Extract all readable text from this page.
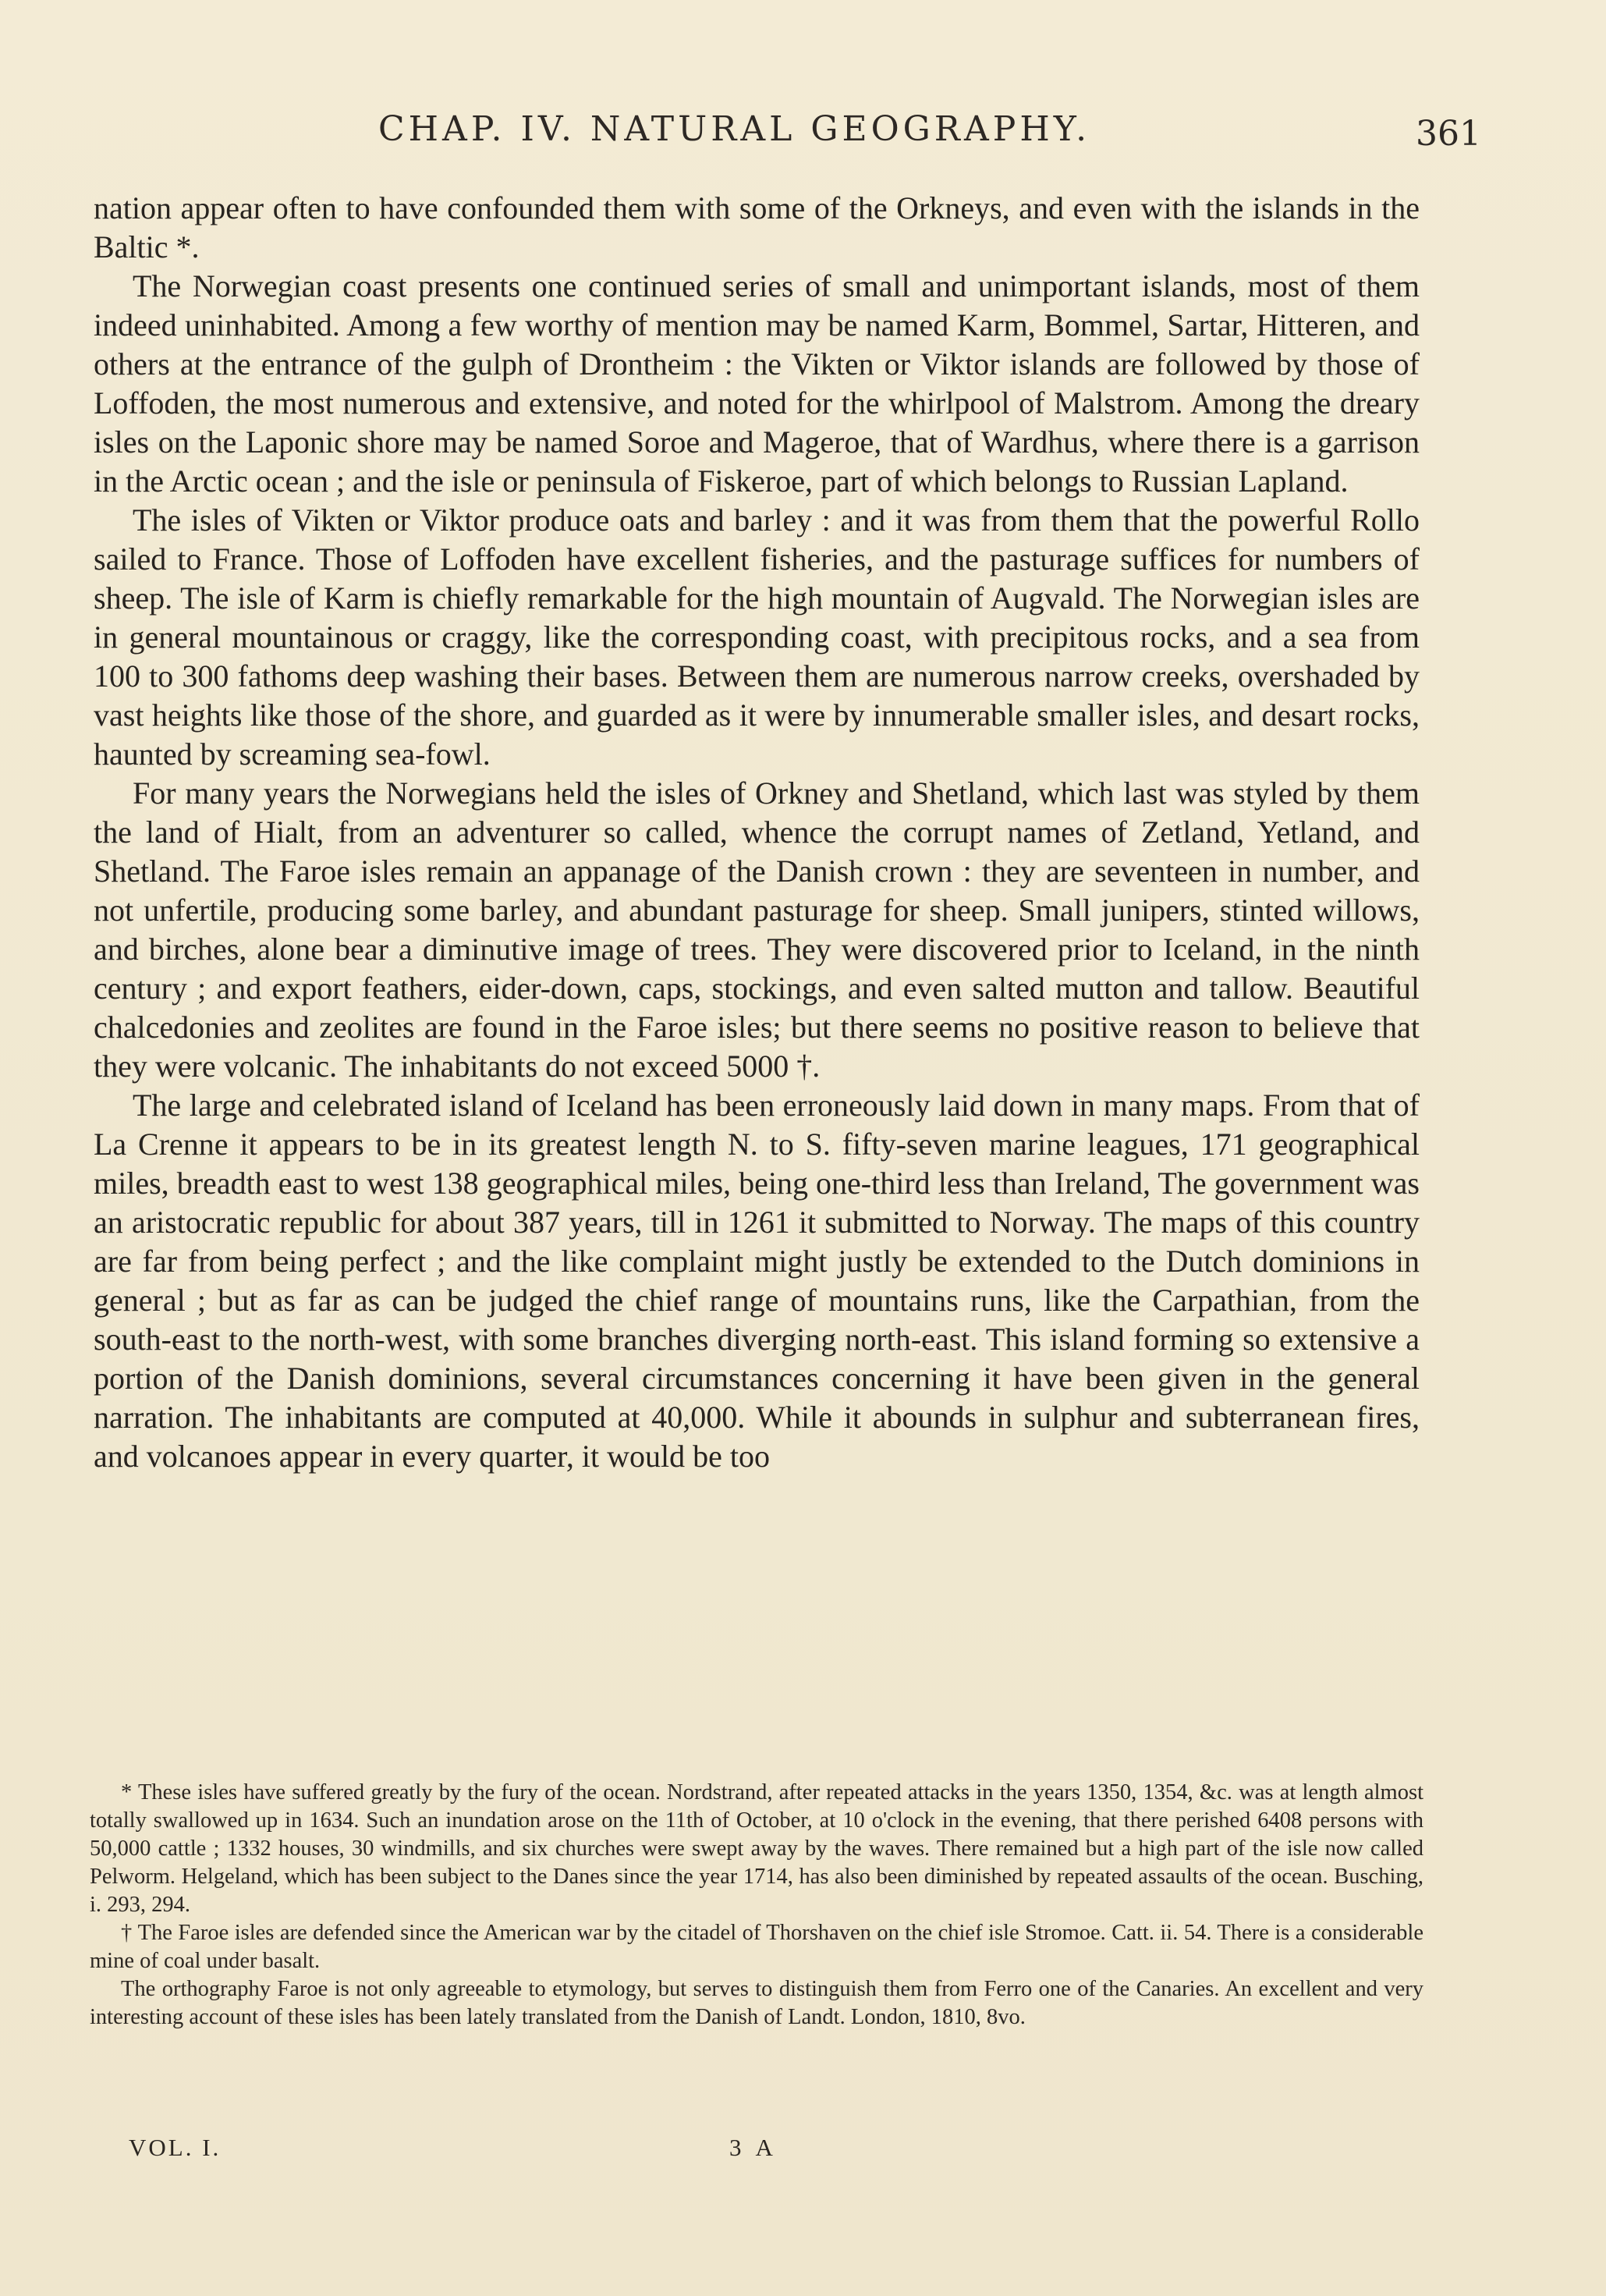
CHAP. IV. NATURAL GEOGRAPHY.	361

nation appear often to have confounded them with some of the Orkneys, and even with the islands in the Baltic *.

The Norwegian coast presents one continued series of small and unimportant islands, most of them indeed uninhabited. Among a few worthy of mention may be named Karm, Bommel, Sartar, Hitteren, and others at the entrance of the gulph of Drontheim : the Vikten or Viktor islands are followed by those of Loffoden, the most numerous and extensive, and noted for the whirlpool of Malstrom. Among the dreary isles on the Laponic shore may be named Soroe and Mageroe, that of Wardhus, where there is a garrison in the Arctic ocean ; and the isle or peninsula of Fiskeroe, part of which belongs to Russian Lapland.

The isles of Vikten or Viktor produce oats and barley : and it was from them that the powerful Rollo sailed to France. Those of Loffoden have excellent fisheries, and the pasturage suffices for numbers of sheep. The isle of Karm is chiefly remarkable for the high mountain of Augvald. The Norwegian isles are in general mountainous or craggy, like the corresponding coast, with precipitous rocks, and a sea from 100 to 300 fathoms deep washing their bases. Between them are numerous narrow creeks, overshaded by vast heights like those of the shore, and guarded as it were by innumerable smaller isles, and desart rocks, haunted by screaming sea-fowl.

For many years the Norwegians held the isles of Orkney and Shetland, which last was styled by them the land of Hialt, from an adventurer so called, whence the corrupt names of Zetland, Yetland, and Shetland. The Faroe isles remain an appanage of the Danish crown : they are seventeen in number, and not unfertile, producing some barley, and abundant pasturage for sheep. Small junipers, stinted willows, and birches, alone bear a diminutive image of trees. They were discovered prior to Iceland, in the ninth century ; and export feathers, eider-down, caps, stockings, and even salted mutton and tallow. Beautiful chalcedonies and zeolites are found in the Faroe isles; but there seems no positive reason to believe that they were volcanic. The inhabitants do not exceed 5000 †.

The large and celebrated island of Iceland has been erroneously laid down in many maps. From that of La Crenne it appears to be in its greatest length N. to S. fifty-seven marine leagues, 171 geographical miles, breadth east to west 138 geographical miles, being one-third less than Ireland, The government was an aristocratic republic for about 387 years, till in 1261 it submitted to Norway. The maps of this country are far from being perfect ; and the like complaint might justly be extended to the Dutch dominions in general ; but as far as can be judged the chief range of mountains runs, like the Carpathian, from the south-east to the north-west, with some branches diverging north-east. This island forming so extensive a portion of the Danish dominions, several circumstances concerning it have been given in the general narration. The inhabitants are computed at 40,000. While it abounds in sulphur and subterranean fires, and volcanoes appear in every quarter, it would be too

* These isles have suffered greatly by the fury of the ocean. Nordstrand, after repeated attacks in the years 1350, 1354, &c. was at length almost totally swallowed up in 1634. Such an inundation arose on the 11th of October, at 10 o'clock in the evening, that there perished 6408 persons with 50,000 cattle ; 1332 houses, 30 windmills, and six churches were swept away by the waves. There remained but a high part of the isle now called Pelworm. Helgeland, which has been subject to the Danes since the year 1714, has also been diminished by repeated assaults of the ocean. Busching, i. 293, 294.

† The Faroe isles are defended since the American war by the citadel of Thorshaven on the chief isle Stromoe. Catt. ii. 54. There is a considerable mine of coal under basalt.

The orthography Faroe is not only agreeable to etymology, but serves to distinguish them from Ferro one of the Canaries. An excellent and very interesting account of these isles has been lately translated from the Danish of Landt. London, 1810, 8vo.

VOL. I.	3 A
